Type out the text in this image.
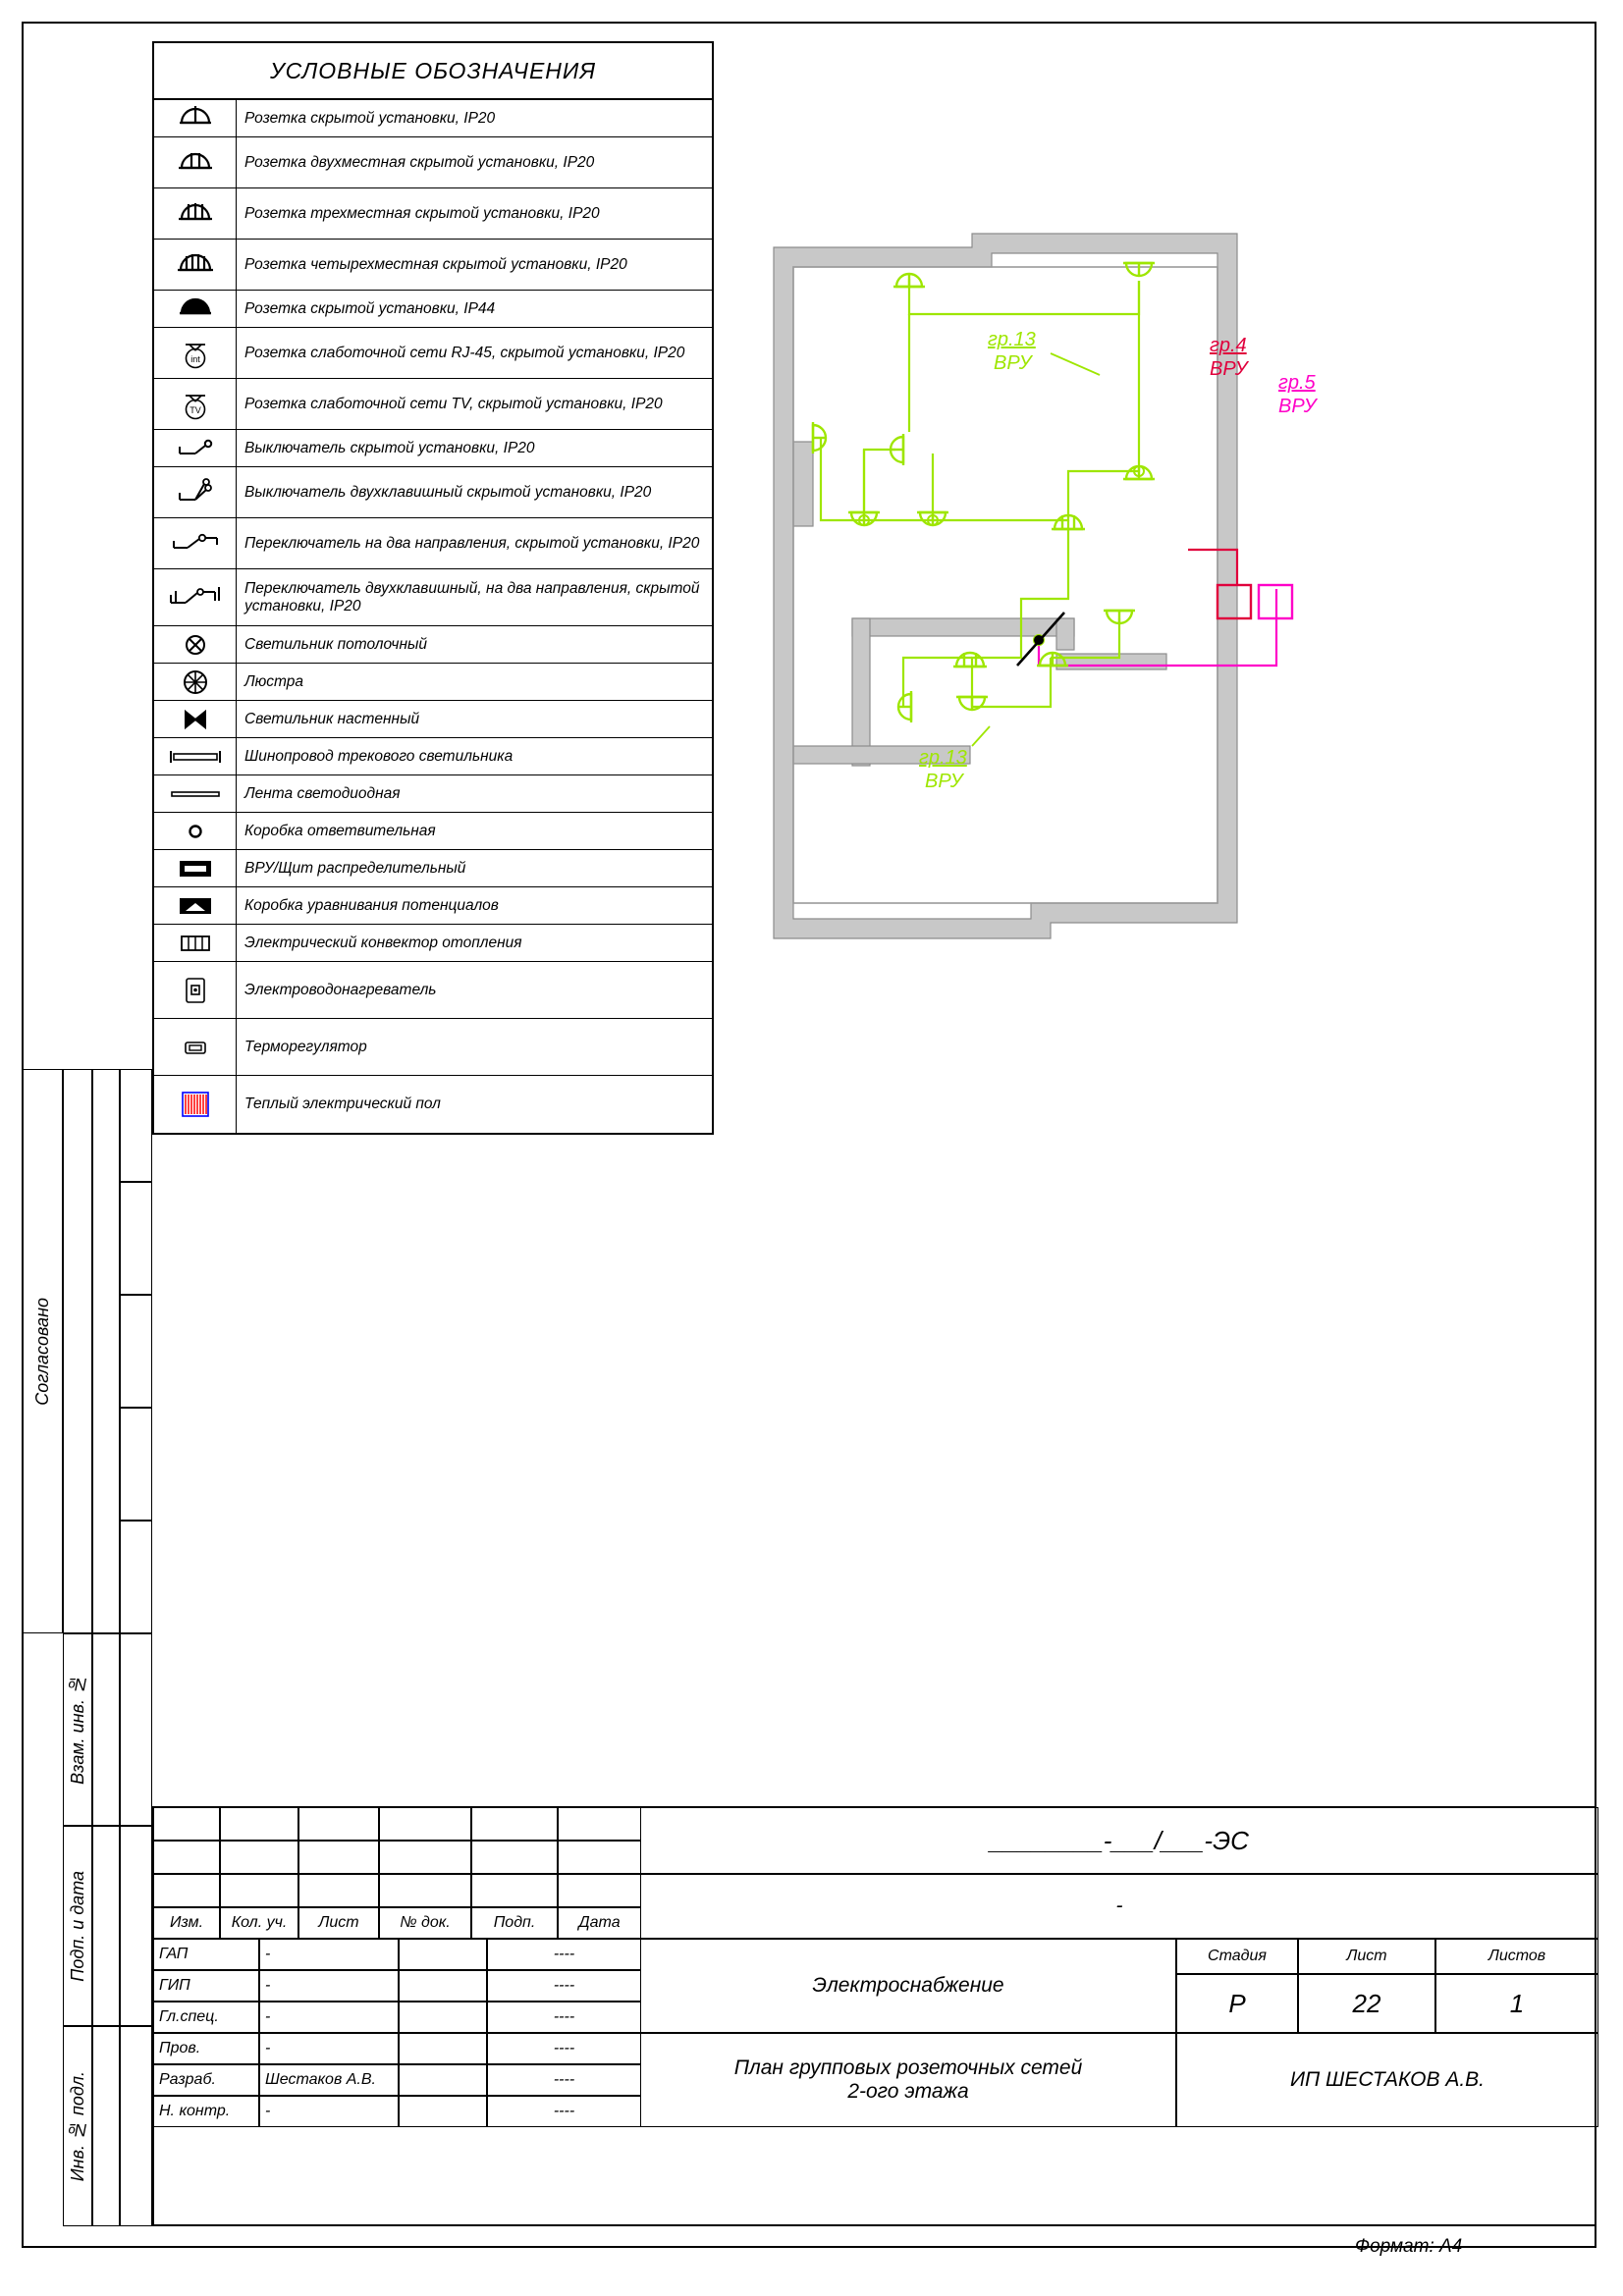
УСЛОВНЫЕ ОБОЗНАЧЕНИЯ
Розетка скрытой установки, IP20
Розетка двухместная скрытой установки, IP20
Розетка трехместная скрытой установки, IP20
Розетка четырехместная скрытой установки, IP20
Розетка скрытой установки, IP44
int	Розетка слаботочной сети RJ-45, скрытой установки, IP20
TV	Розетка слаботочной сети TV, скрытой установки, IP20
Выключатель скрытой установки, IP20
Выключатель двухклавишный скрытой установки, IP20
Переключатель на два направления, скрытой установки, IP20
Переключатель двухклавишный, на два направления, скрытой установки, IP20
Светильник потолочный
Люстра
Светильник настенный
Шинопровод трекового светильника
Лента светодиодная
Коробка ответвительная
ВРУ/Щит распределительный
Коробка уравнивания потенциалов
Электрический конвектор отопления
Электроводонагреватель
Терморегулятор
Теплый электрический пол
гр.13
ВРУ
гр.13
ВРУ
гр.4
ВРУ
гр.5
ВРУ
Согласовано
Взам. инв. №
Подп. и дата
Инв. № подл.
Изм.	Кол. уч.	Лист	№ док.	Подп.	Дата
ГАП	-	----
ГИП	-	----
Гл.спец.	-	----
Пров.	-	----
Разраб.	Шестаков А.В.	----
Н. контр.	-	----
________-___/___-ЭС
-
Электроснабжение
Стадия	Лист	Листов
Р	22	1
План групповых розеточных сетей
2-ого этажа
ИП ШЕСТАКОВ А.В.
Формат: А4
